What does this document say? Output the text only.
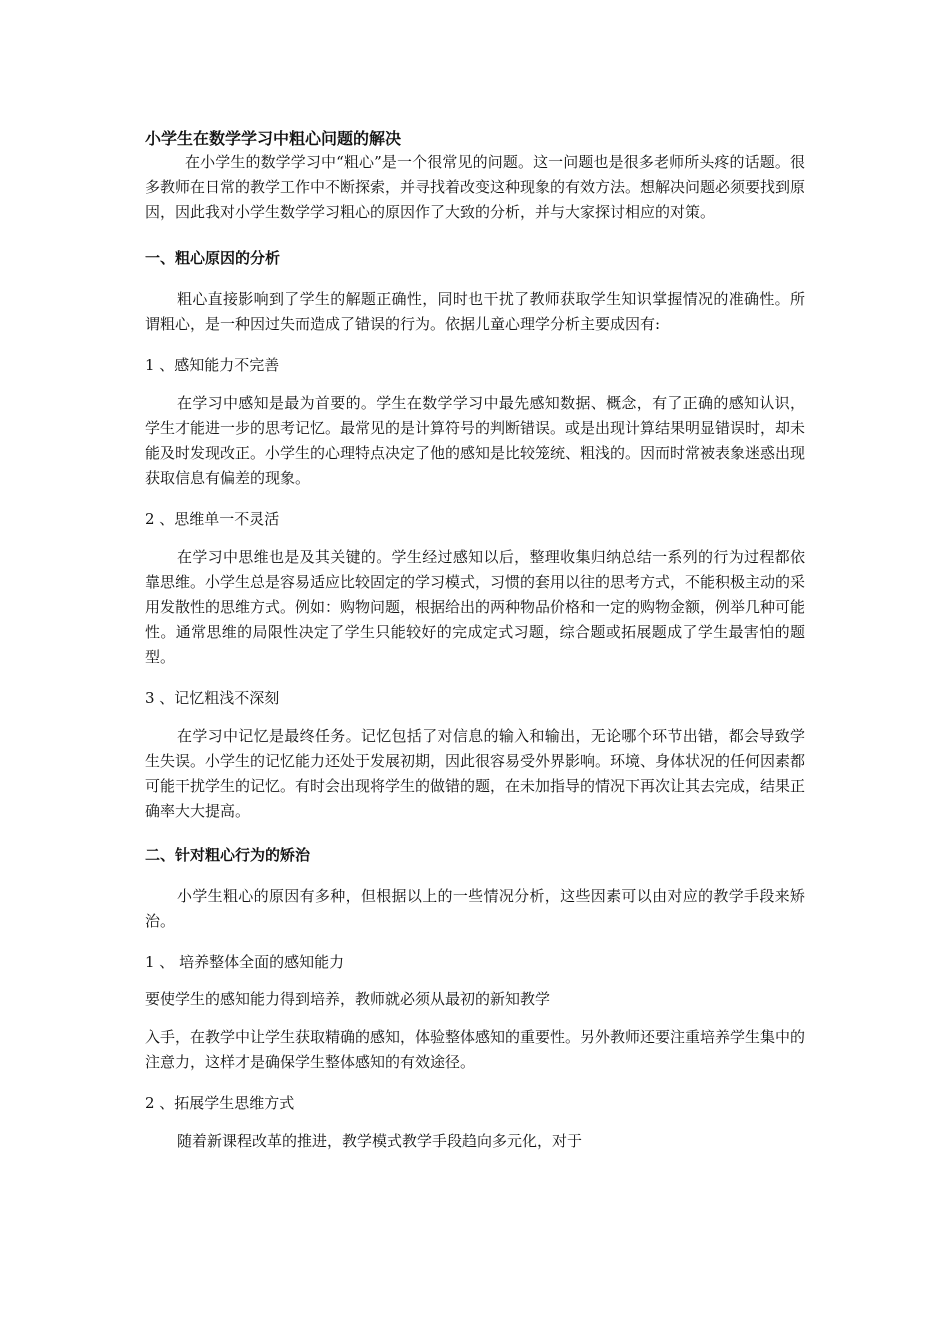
小学生在数学学习中粗心问题的解决

在小学生的数学学习中“粗心”是一个很常见的问题。这一问题也是很多老师所头疼的话题。很多教师在日常的教学工作中不断探索，并寻找着改变这种现象的有效方法。想解决问题必须要找到原因，因此我对小学生数学学习粗心的原因作了大致的分析，并与大家探讨相应的对策。

一、粗心原因的分析

粗心直接影响到了学生的解题正确性，同时也干扰了教师获取学生知识掌握情况的准确性。所谓粗心，是一种因过失而造成了错误的行为。依据儿童心理学分析主要成因有:

1 、感知能力不完善

在学习中感知是最为首要的。学生在数学学习中最先感知数据、概念，有了正确的感知认识，学生才能进一步的思考记忆。最常见的是计算符号的判断错误。或是出现计算结果明显错误时，却未能及时发现改正。小学生的心理特点决定了他的感知是比较笼统、粗浅的。因而时常被表象迷惑出现获取信息有偏差的现象。

2 、思维单一不灵活

在学习中思维也是及其关键的。学生经过感知以后，整理收集归纳总结一系列的行为过程都依靠思维。小学生总是容易适应比较固定的学习模式，习惯的套用以往的思考方式，不能积极主动的采用发散性的思维方式。例如：购物问题，根据给出的两种物品价格和一定的购物金额，例举几种可能性。通常思维的局限性决定了学生只能较好的完成定式习题，综合题或拓展题成了学生最害怕的题型。

3 、记忆粗浅不深刻

在学习中记忆是最终任务。记忆包括了对信息的输入和输出，无论哪个环节出错，都会导致学生失误。小学生的记忆能力还处于发展初期，因此很容易受外界影响。环境、身体状况的任何因素都可能干扰学生的记忆。有时会出现将学生的做错的题，在未加指导的情况下再次让其去完成，结果正确率大大提高。

二、针对粗心行为的矫治

小学生粗心的原因有多种，但根据以上的一些情况分析，这些因素可以由对应的教学手段来矫治。

1 、 培养整体全面的感知能力

要使学生的感知能力得到培养，教师就必须从最初的新知教学

入手，在教学中让学生获取精确的感知，体验整体感知的重要性。另外教师还要注重培养学生集中的注意力，这样才是确保学生整体感知的有效途径。

2 、拓展学生思维方式

随着新课程改革的推进，教学模式教学手段趋向多元化，对于
